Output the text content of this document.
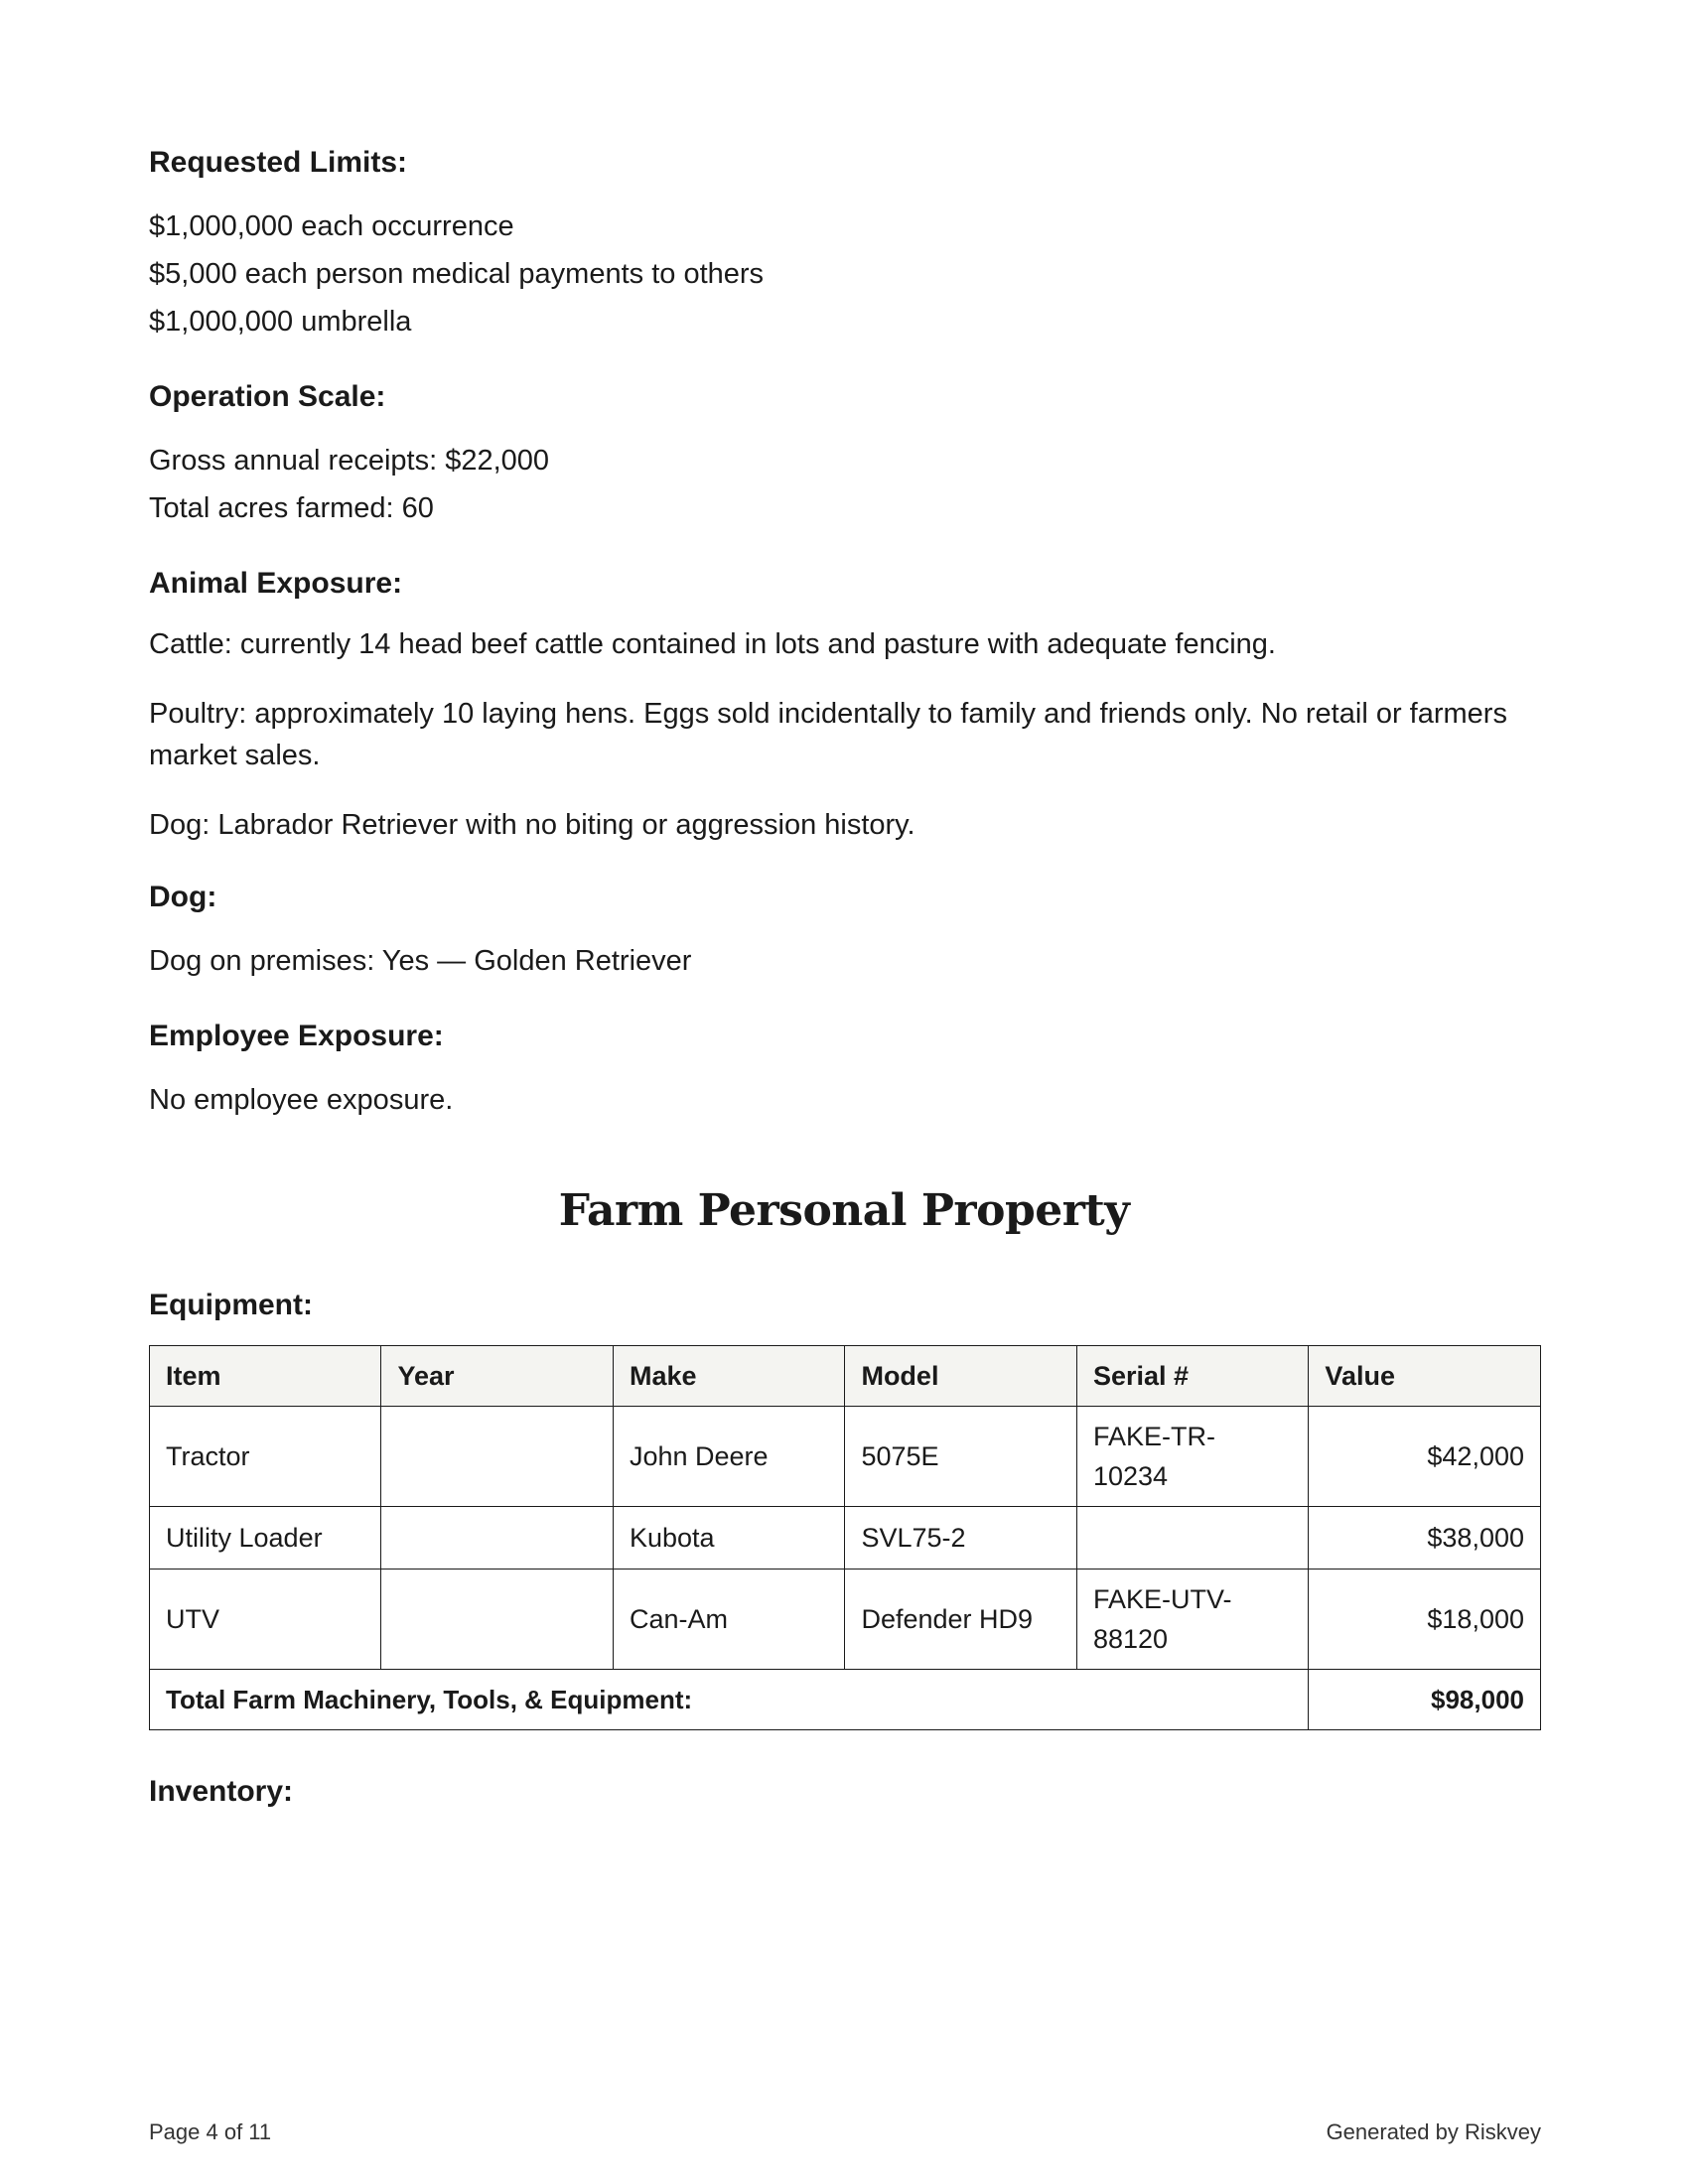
Requested Limits:

$1,000,000 each occurrence

$5,000 each person medical payments to others

$1,000,000 umbrella

Operation Scale:

Gross annual receipts: $22,000

Total acres farmed: 60

Animal Exposure:

Cattle: currently 14 head beef cattle contained in lots and pasture with adequate fencing.

Poultry: approximately 10 laying hens. Eggs sold incidentally to family and friends only. No retail or farmers market sales.

Dog: Labrador Retriever with no biting or aggression history.

Dog:

Dog on premises: Yes — Golden Retriever

Employee Exposure:

No employee exposure.

Farm Personal Property

Equipment:

Item	Year	Make	Model	Serial #	Value
Tractor		John Deere	5075E	FAKE-TR-10234	$42,000
Utility Loader		Kubota	SVL75-2		$38,000
UTV		Can-Am	Defender HD9	FAKE-UTV-88120	$18,000
Total Farm Machinery, Tools, & Equipment:					$98,000

Inventory:

Page 4 of 11	Generated by Riskvey
